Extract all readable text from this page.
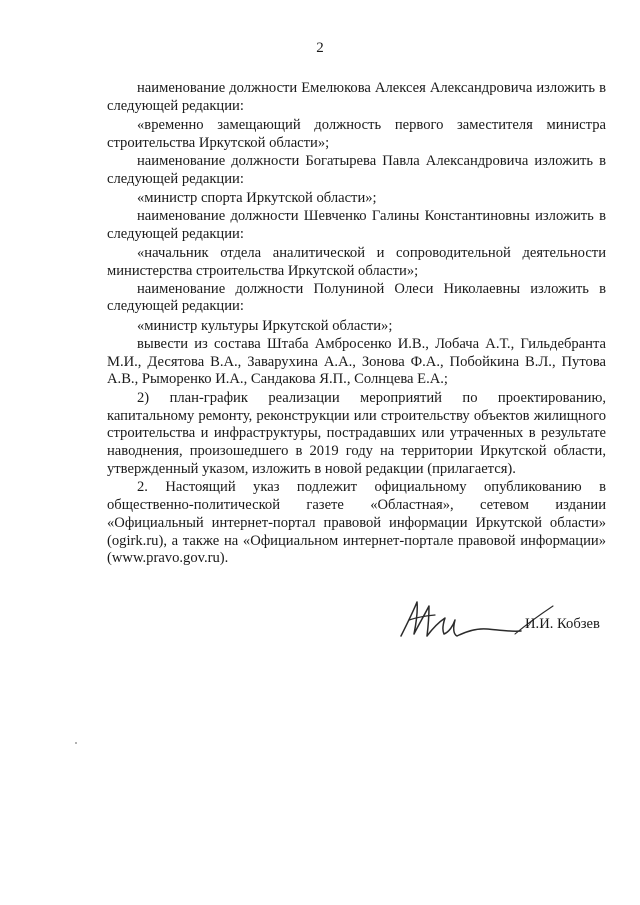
2

наименование должности Емелюкова Алексея Александровича изложить в следующей редакции:

«временно замещающий должность первого заместителя министра строительства Иркутской области»;

наименование должности Богатырева Павла Александровича изложить в следующей редакции:

«министр спорта Иркутской области»;

наименование должности Шевченко Галины Константиновны изложить в следующей редакции:

«начальник отдела аналитической и сопроводительной деятельности министерства строительства Иркутской области»;

наименование должности Полуниной Олеси Николаевны изложить в следующей редакции:

«министр культуры Иркутской области»;

вывести из состава Штаба Амбросенко И.В., Лобача А.Т., Гильдебранта М.И., Десятова В.А., Заварухина А.А., Зонова Ф.А., Побойкина В.Л., Путова А.В., Рыморенко И.А., Сандакова Я.П., Солнцева Е.А.;

2) план-график реализации мероприятий по проектированию, капитальному ремонту, реконструкции или строительству объектов жилищного строительства и инфраструктуры, пострадавших или утраченных в результате наводнения, произошедшего в 2019 году на территории Иркутской области, утвержденный указом, изложить в новой редакции (прилагается).

2. Настоящий указ подлежит официальному опубликованию в общественно-политической газете «Областная», сетевом издании «Официальный интернет-портал правовой информации Иркутской области» (ogirk.ru), а также на «Официальном интернет-портале правовой информации» (www.pravo.gov.ru).

И.И. Кобзев
